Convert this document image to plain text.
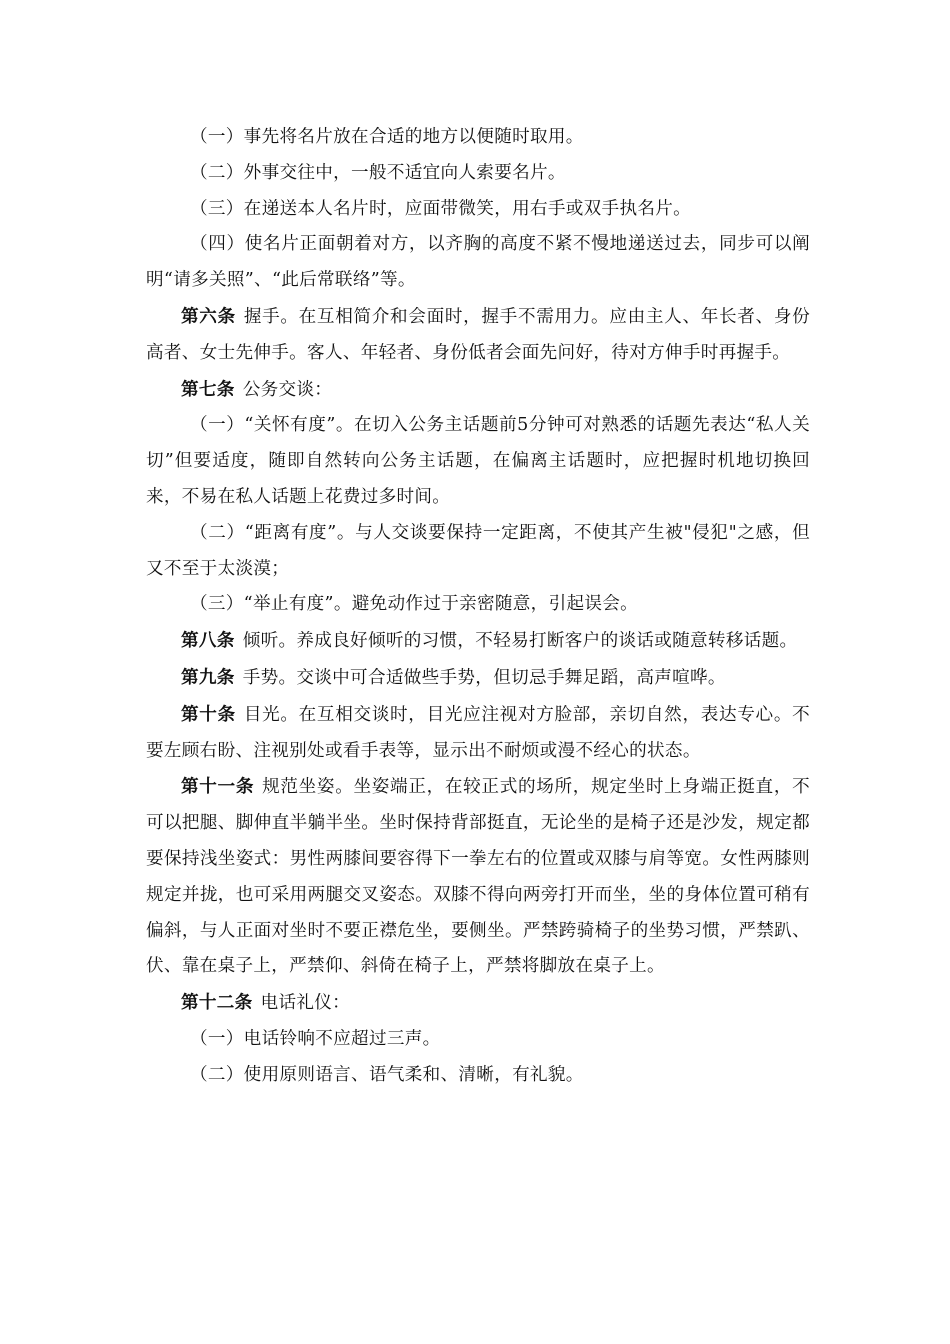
（一）事先将名片放在合适的地方以便随时取用。

（二）外事交往中，一般不适宜向人索要名片。

（三）在递送本人名片时，应面带微笑，用右手或双手执名片。

（四）使名片正面朝着对方，以齐胸的高度不紧不慢地递送过去，同步可以阐明“请多关照”、“此后常联络”等。

第六条 握手。在互相简介和会面时，握手不需用力。应由主人、年长者、身份高者、女士先伸手。客人、年轻者、身份低者会面先问好，待对方伸手时再握手。

第七条 公务交谈：

（一）“关怀有度”。在切入公务主话题前5分钟可对熟悉的话题先表达“私人关切”但要适度，随即自然转向公务主话题，在偏离主话题时，应把握时机地切换回来，不易在私人话题上花费过多时间。

（二）“距离有度”。与人交谈要保持一定距离，不使其产生被"侵犯"之感，但又不至于太淡漠；

（三）“举止有度”。避免动作过于亲密随意，引起误会。

第八条 倾听。养成良好倾听的习惯，不轻易打断客户的谈话或随意转移话题。

第九条 手势。交谈中可合适做些手势，但切忌手舞足蹈，高声喧哗。

第十条 目光。在互相交谈时，目光应注视对方脸部，亲切自然，表达专心。不要左顾右盼、注视别处或看手表等，显示出不耐烦或漫不经心的状态。

第十一条 规范坐姿。坐姿端正，在较正式的场所，规定坐时上身端正挺直，不可以把腿、脚伸直半躺半坐。坐时保持背部挺直，无论坐的是椅子还是沙发，规定都要保持浅坐姿式：男性两膝间要容得下一拳左右的位置或双膝与肩等宽。女性两膝则规定并拢，也可采用两腿交叉姿态。双膝不得向两旁打开而坐，坐的身体位置可稍有偏斜，与人正面对坐时不要正襟危坐，要侧坐。严禁跨骑椅子的坐势习惯，严禁趴、伏、靠在桌子上，严禁仰、斜倚在椅子上，严禁将脚放在桌子上。

第十二条 电话礼仪：

（一）电话铃响不应超过三声。

（二）使用原则语言、语气柔和、清晰，有礼貌。
